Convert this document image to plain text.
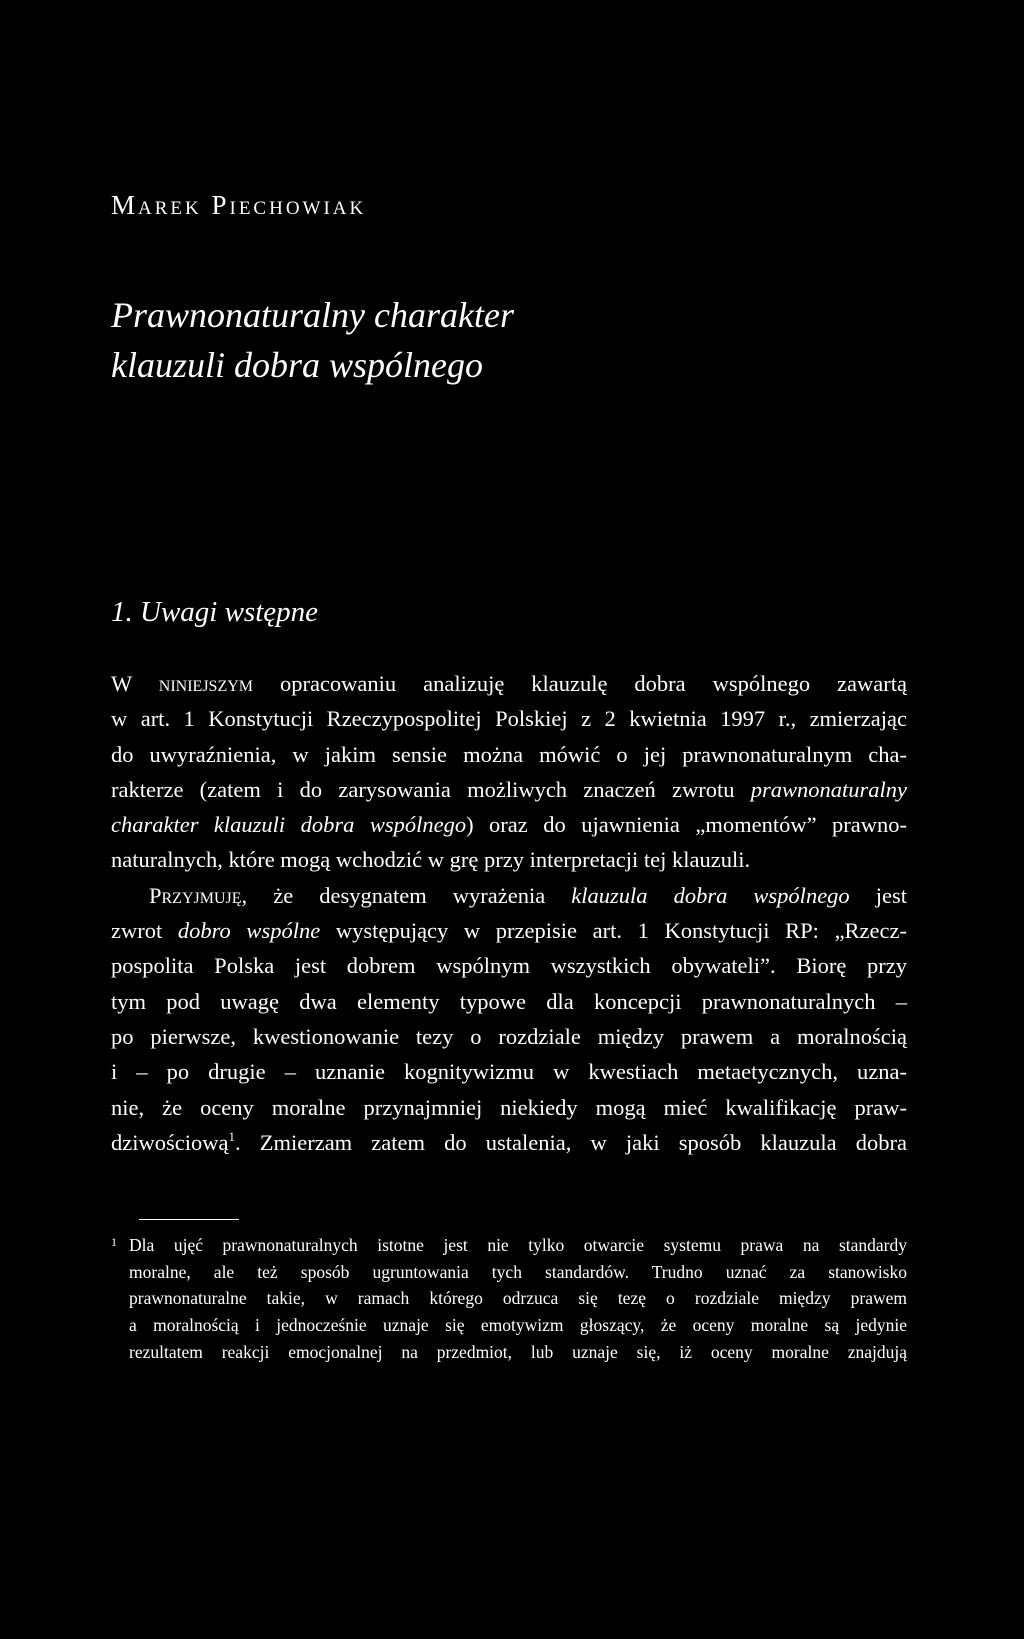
Marek Piechowiak
Prawnonaturalny charakter
klauzuli dobra wspólnego
1. Uwagi wstępne
W niniejszym opracowaniu analizuję klauzulę dobra wspólnego zawartą
w art. 1 Konstytucji Rzeczypospolitej Polskiej z 2 kwietnia 1997 r., zmierzając
do uwyraźnienia, w jakim sensie można mówić o jej prawnonaturalnym cha-
rakterze (zatem i do zarysowania możliwych znaczeń zwrotu prawnonaturalny
charakter klauzuli dobra wspólnego) oraz do ujawnienia „momentów” prawno-
naturalnych, które mogą wchodzić w grę przy interpretacji tej klauzuli.
Przyjmuję, że desygnatem wyrażenia klauzula dobra wspólnego jest
zwrot dobro wspólne występujący w przepisie art. 1 Konstytucji RP: „Rzecz-
pospolita Polska jest dobrem wspólnym wszystkich obywateli”. Biorę przy
tym pod uwagę dwa elementy typowe dla koncepcji prawnonaturalnych –
po pierwsze, kwestionowanie tezy o rozdziale między prawem a moralnością
i – po drugie – uznanie kognitywizmu w kwestiach metaetycznych, uzna-
nie, że oceny moralne przynajmniej niekiedy mogą mieć kwalifikację praw-
dziwościową$^1$. Zmierzam zatem do ustalenia, w jaki sposób klauzula dobra
1 Dla ujęć prawnonaturalnych istotne jest nie tylko otwarcie systemu prawa na standardy
moralne, ale też sposób ugruntowania tych standardów. Trudno uznać za stanowisko
prawnonaturalne takie, w ramach którego odrzuca się tezę o rozdziale między prawem
a moralnością i jednocześnie uznaje się emotywizm głoszący, że oceny moralne są jedynie
rezultatem reakcji emocjonalnej na przedmiot, lub uznaje się, iż oceny moralne znajdują
